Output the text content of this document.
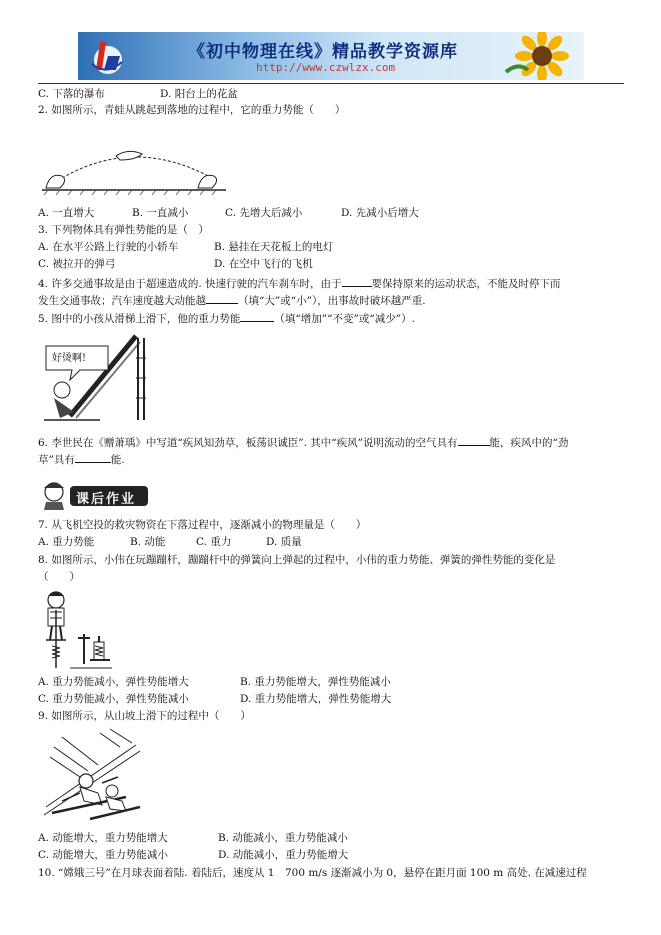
《初中物理在线》精品教学资源库
http://www.czwlzx.com
C. 下落的瀑布	D. 阳台上的花盆
2. 如图所示，青蛙从跳起到落地的过程中，它的重力势能（　　）
A. 一直增大	B. 一直减小	C. 先增大后减小	D. 先减小后增大
3. 下列物体具有弹性势能的是（　）
A. 在水平公路上行驶的小轿车	B. 悬挂在天花板上的电灯
C. 被拉开的弹弓	D. 在空中飞行的飞机
4. 许多交通事故是由于超速造成的. 快速行驶的汽车刹车时，由于	要保持原来的运动状态，不能及时停下而
发生交通事故；汽车速度越大动能越	（填“大”或“小”），出事故时破坏越严重.
5. 图中的小孩从滑梯上滑下，他的重力势能	（填“增加”“不变”或“减少”）.
好烫啊!
6. 李世民在《赠萧瑀》中写道“疾风知劲草，板荡识诚臣”. 其中“疾风”说明流动的空气具有	能，疾风中的“劲
草”具有	能.
课后作业
7. 从飞机空投的救灾物资在下落过程中，逐渐减小的物理量是（　　）
A. 重力势能	B. 动能	C. 重力	D. 质量
8. 如图所示，小伟在玩蹦蹦杆，蹦蹦杆中的弹簧向上弹起的过程中，小伟的重力势能、弹簧的弹性势能的变化是
（　　）
A. 重力势能减小，弹性势能增大	B. 重力势能增大，弹性势能减小
C. 重力势能减小，弹性势能减小	D. 重力势能增大，弹性势能增大
9. 如图所示，从山坡上滑下的过程中（　　）
A. 动能增大，重力势能增大	B. 动能减小，重力势能减小
C. 动能增大，重力势能减小	D. 动能减小，重力势能增大
10. “嫦娥三号”在月球表面着陆. 着陆后，速度从 1　700 m/s 逐渐减小为 0，悬停在距月面 100 m 高处. 在减速过程
